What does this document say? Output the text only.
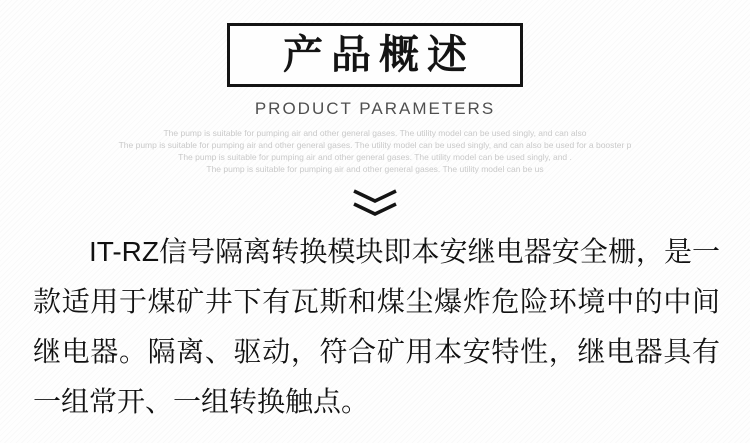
产品概述
PRODUCT PARAMETERS
The pump is suitable for pumping air and other general gases. The utility model can be used singly, and can also
The pump is suitable for pumping air and other general gases. The utility model can be used singly, and can also be used for a booster p
The pump is suitable for pumping air and other general gases. The utility model can be used singly, and .
The pump is suitable for pumping air and other general gases. The utility model can be us

IT-RZ信号隔离转换模块即本安继电器安全栅，是一款适用于煤矿井下有瓦斯和煤尘爆炸危险环境中的中间继电器。隔离、驱动，符合矿用本安特性，继电器具有一组常开、一组转换触点。
